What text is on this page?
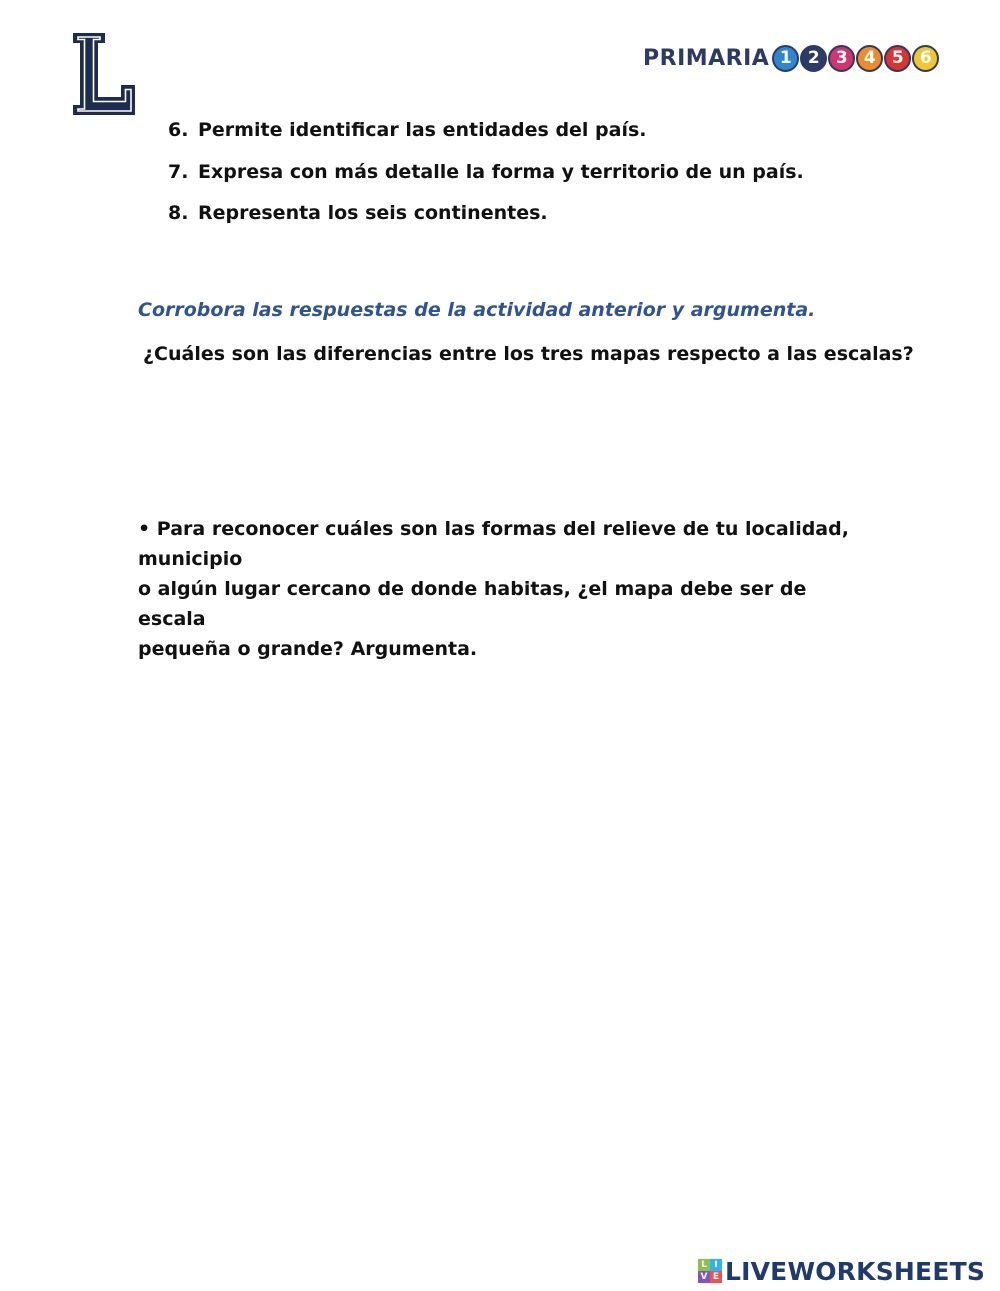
L
PRIMARIA 1 2 3 4 5 6
6. Permite identificar las entidades del país.
7. Expresa con más detalle la forma y territorio de un país.
8. Representa los seis continentes.
Corrobora las respuestas de la actividad anterior y argumenta.
¿Cuáles son las diferencias entre los tres mapas respecto a las escalas?
• Para reconocer cuáles son las formas del relieve de tu localidad, municipio
o algún lugar cercano de donde habitas, ¿el mapa debe ser de escala
pequeña o grande? Argumenta.
L I
V E LIVEWORKSHEETS
